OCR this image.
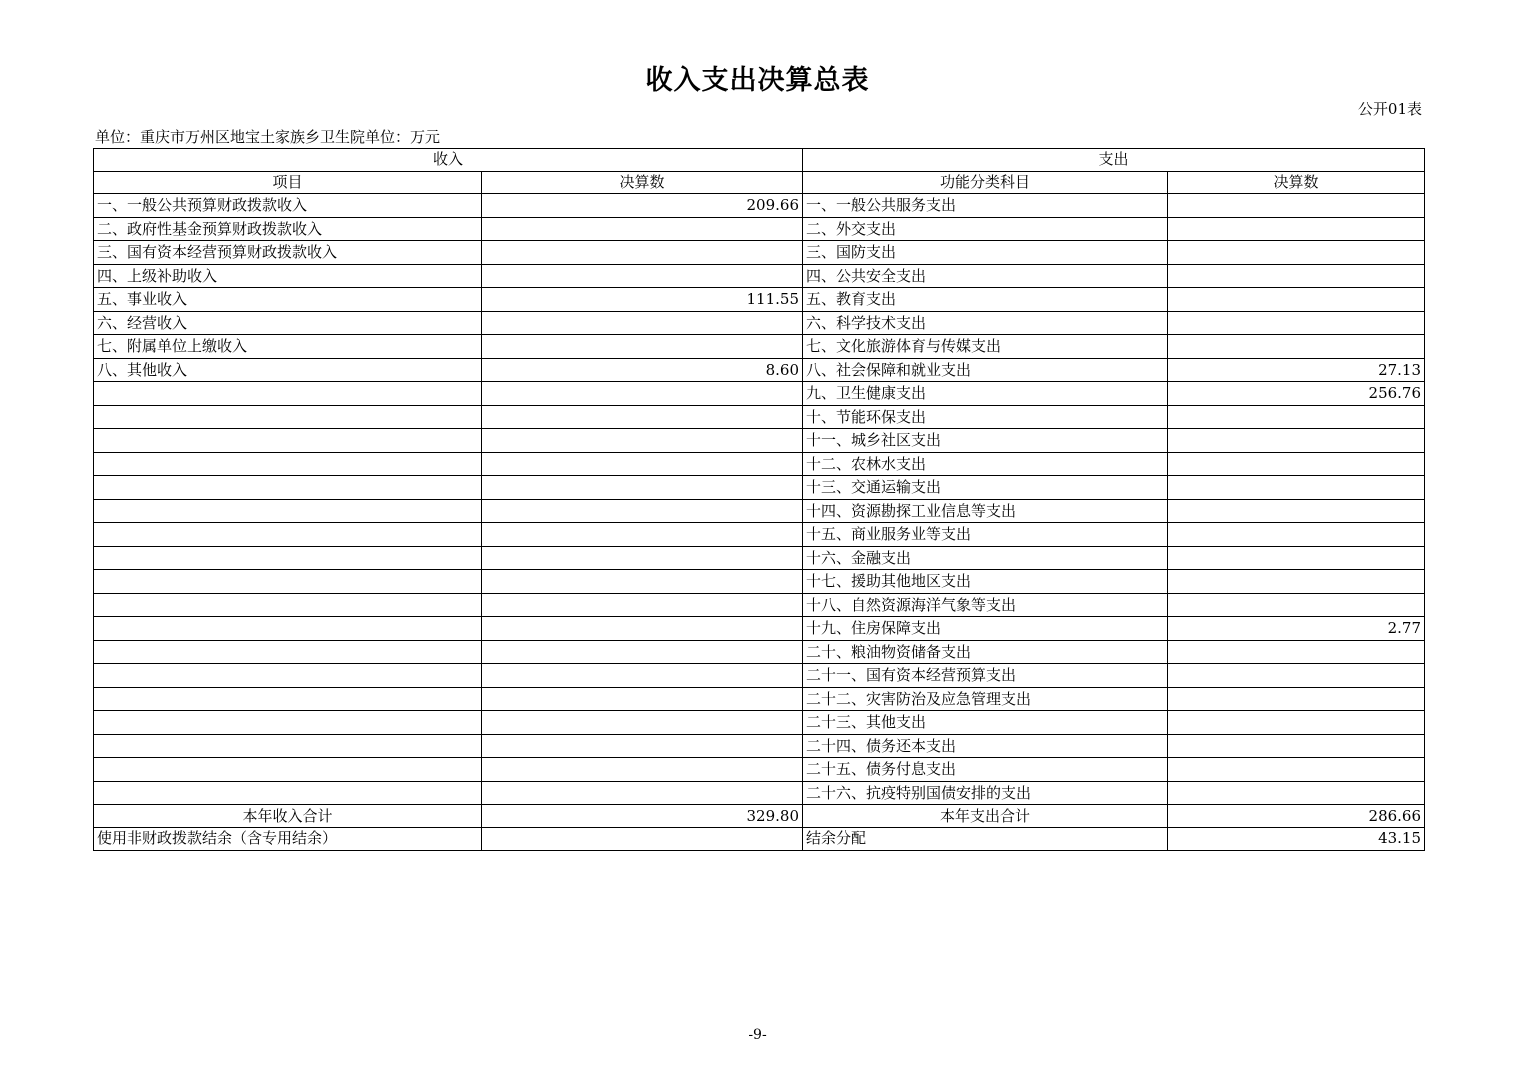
收入支出决算总表
公开01表
单位：重庆市万州区地宝土家族乡卫生院单位：万元
收入		支出	
项目	决算数	功能分类科目	决算数
一、一般公共预算财政拨款收入	209.66	一、一般公共服务支出	
二、政府性基金预算财政拨款收入		二、外交支出	
三、国有资本经营预算财政拨款收入		三、国防支出	
四、上级补助收入		四、公共安全支出	
五、事业收入	111.55	五、教育支出	
六、经营收入		六、科学技术支出	
七、附属单位上缴收入		七、文化旅游体育与传媒支出	
八、其他收入	8.60	八、社会保障和就业支出	27.13
		九、卫生健康支出	256.76
		十、节能环保支出	
		十一、城乡社区支出	
		十二、农林水支出	
		十三、交通运输支出	
		十四、资源勘探工业信息等支出	
		十五、商业服务业等支出	
		十六、金融支出	
		十七、援助其他地区支出	
		十八、自然资源海洋气象等支出	
		十九、住房保障支出	2.77
		二十、粮油物资储备支出	
		二十一、国有资本经营预算支出	
		二十二、灾害防治及应急管理支出	
		二十三、其他支出	
		二十四、债务还本支出	
		二十五、债务付息支出	
		二十六、抗疫特别国债安排的支出	
本年收入合计	329.80	本年支出合计	286.66
使用非财政拨款结余（含专用结余）		结余分配	43.15
-9-
